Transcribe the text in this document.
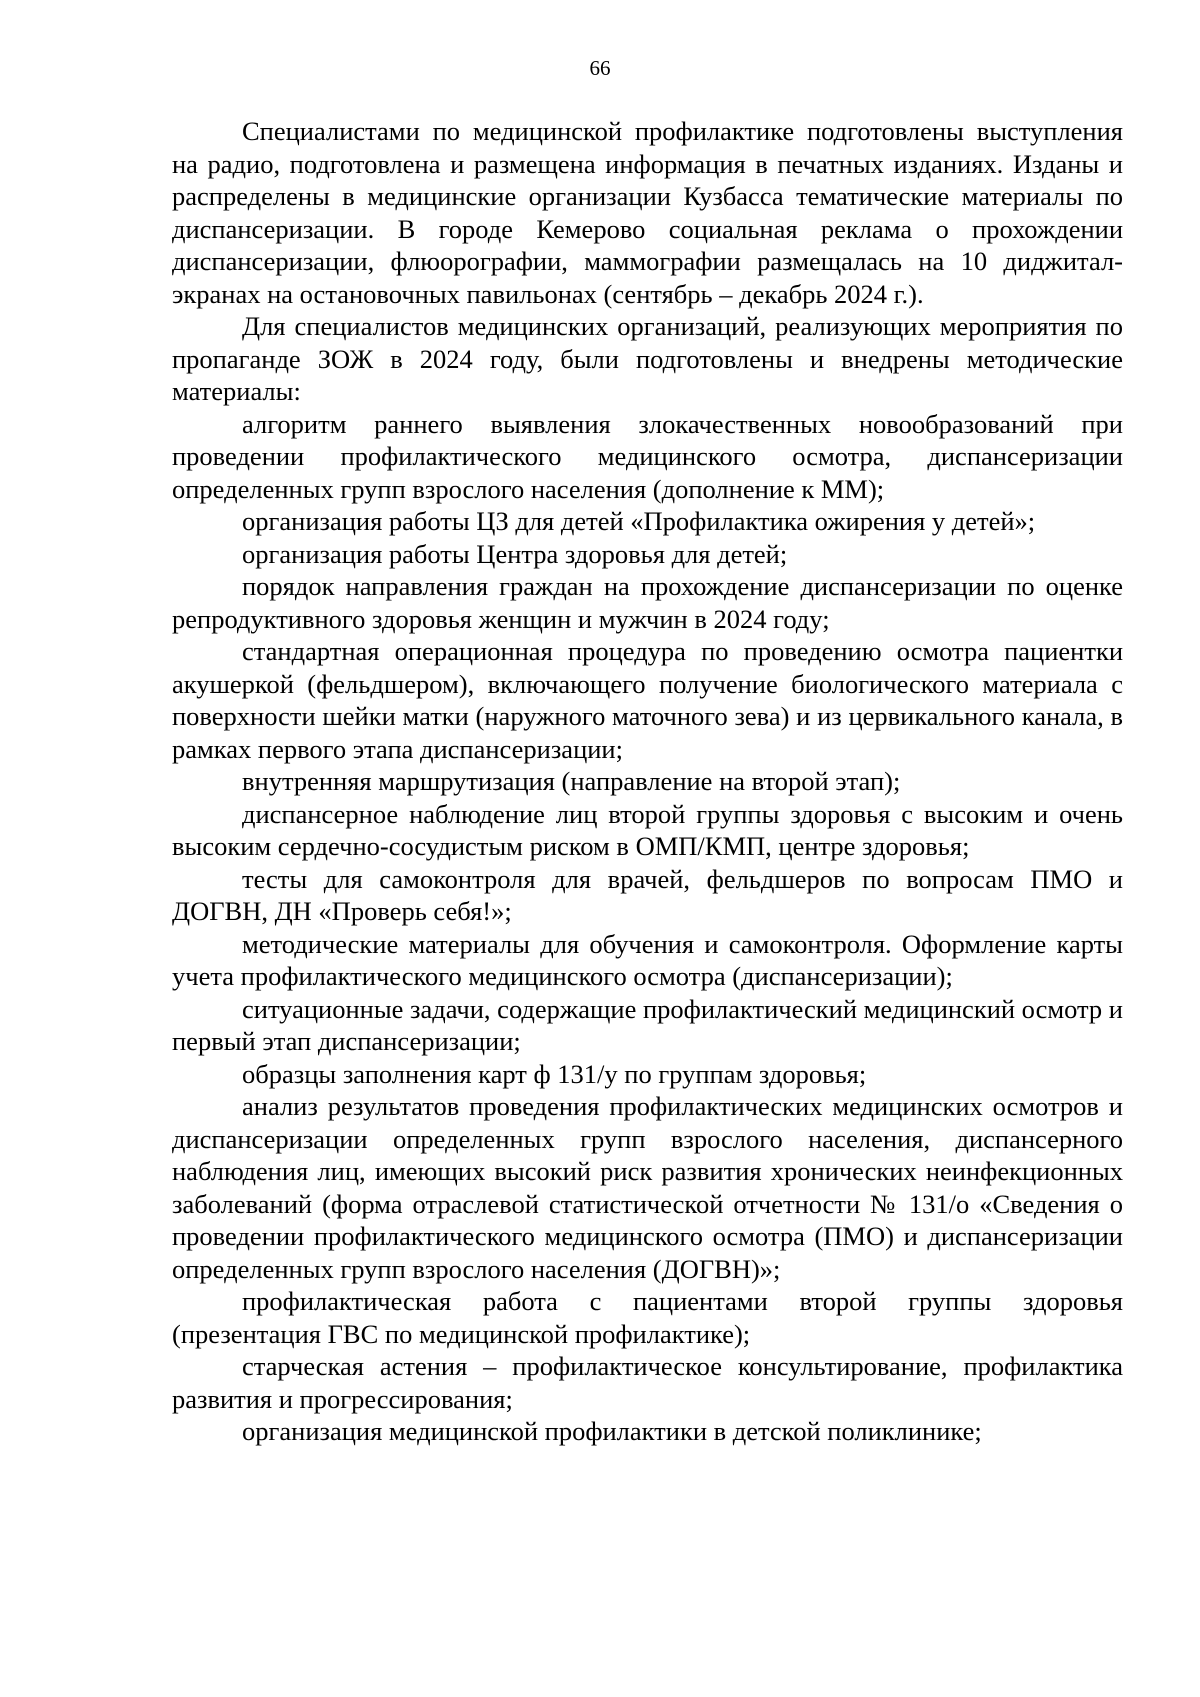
66

Специалистами по медицинской профилактике подготовлены выступления на радио, подготовлена и размещена информация в печатных изданиях. Изданы и распределены в медицинские организации Кузбасса тематические материалы по диспансеризации. В городе Кемерово социальная реклама о прохождении диспансеризации, флюорографии, маммографии размещалась на 10 диджитал-экранах на остановочных павильонах (сентябрь – декабрь 2024 г.).

Для специалистов медицинских организаций, реализующих мероприятия по пропаганде ЗОЖ в 2024 году, были подготовлены и внедрены методические материалы:

алгоритм раннего выявления злокачественных новообразований при проведении профилактического медицинского осмотра, диспансеризации определенных групп взрослого населения (дополнение к ММ);

организация работы ЦЗ для детей «Профилактика ожирения у детей»;

организация работы Центра здоровья для детей;

порядок направления граждан на прохождение диспансеризации по оценке репродуктивного здоровья женщин и мужчин в 2024 году;

стандартная операционная процедура по проведению осмотра пациентки акушеркой (фельдшером), включающего получение биологического материала с поверхности шейки матки (наружного маточного зева) и из цервикального канала, в рамках первого этапа диспансеризации;

внутренняя маршрутизация (направление на второй этап);

диспансерное наблюдение лиц второй группы здоровья с высоким и очень высоким сердечно-сосудистым риском в ОМП/КМП, центре здоровья;

тесты для самоконтроля для врачей, фельдшеров по вопросам ПМО и ДОГВН, ДН «Проверь себя!»;

методические материалы для обучения и самоконтроля. Оформление карты учета профилактического медицинского осмотра (диспансеризации);

ситуационные задачи, содержащие профилактический медицинский осмотр и первый этап диспансеризации;

образцы заполнения карт ф 131/у по группам здоровья;

анализ результатов проведения профилактических медицинских осмотров и диспансеризации определенных групп взрослого населения, диспансерного наблюдения лиц, имеющих высокий риск развития хронических неинфекционных заболеваний (форма отраслевой статистической отчетности № 131/о «Сведения о проведении профилактического медицинского осмотра (ПМО) и диспансеризации определенных групп взрослого населения (ДОГВН)»;

профилактическая работа с пациентами второй группы здоровья (презентация ГВС по медицинской профилактике);

старческая астения – профилактическое консультирование, профилактика развития и прогрессирования;

организация медицинской профилактики в детской поликлинике;
